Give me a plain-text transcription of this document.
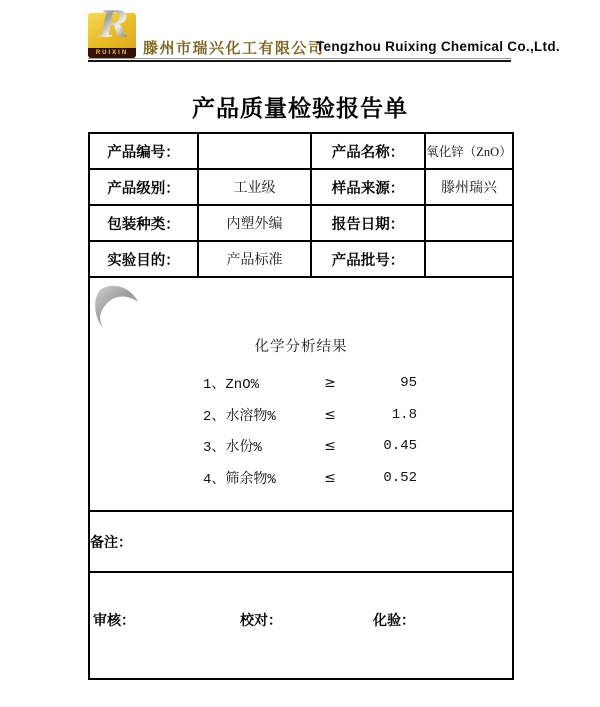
R
RUIXIN 滕州市瑞兴化工有限公司
Tengzhou Ruixing Chemical Co.,Ltd.
产品质量检验报告单
产品编号：		产品名称：	氧化锌（ZnO）
产品级别：	工业级	样品来源：	滕州瑞兴
包装种类：	内塑外编	报告日期：	
实验目的：	产品标准	产品批号：	

化学分析结果
1、ZnO%	≥	95
2、水溶物%	≤	1.8
3、水份%	≤	0.45
4、筛余物%	≤	0.52

备注：			

审核： 校对： 化验：			
